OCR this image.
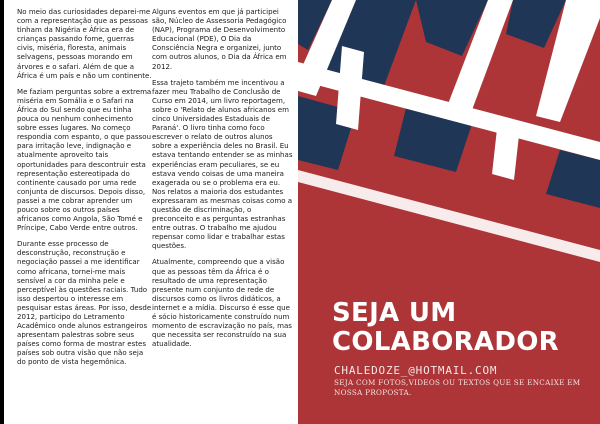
No meio das curiosidades deparei-me com a representação que as pessoas tinham da Nigéria e África era de crianças passando fome, guerras civis, miséria, floresta, animais selvagens, pessoas morando em árvores e o safari. Além de que a África é um país e não um continente.

Me faziam perguntas sobre a extrema miséria em Somália e o Safari na África do Sul sendo que eu tinha pouca ou nenhum conhecimento sobre esses lugares. No começo respondia com espanto, o que passou para irritação leve, indignação e atualmente aproveito tais oportunidades para descontruir esta representação estereotipada do continente causado por uma rede conjunta de discursos. Depois disso, passei a me cobrar aprender um pouco sobre os outros países africanos como Angola, São Tomé e Príncipe, Cabo Verde entre outros.

Durante esse processo de desconstrução, reconstrução e negociação passei a me identificar como africana, tornei-me mais sensível a cor da minha pele e perceptível às questões raciais. Tudo isso despertou o interesse em pesquisar estas áreas. Por isso, desde 2012, participo do Letramento Acadêmico onde alunos estrangeiros apresentam palestras sobre seus países como forma de mostrar estes países sob outra visão que não seja do ponto de vista hegemônica.

Alguns eventos em que já participei são, Núcleo de Assessoria Pedagógico (NAP), Programa de Desenvolvimento Educacional (PDE), O Dia da Consciência Negra e organizei, junto com outros alunos, o Dia da África em 2012.

Essa trajeto também me incentivou a fazer meu Trabalho de Conclusão de Curso em 2014, um livro reportagem, sobre o 'Relato de alunos africanos em cinco Universidades Estaduais de Paraná'. O livro tinha como foco escrever o relato de outros alunos sobre a experiência deles no Brasil. Eu estava tentando entender se as minhas experiências eram peculiares, se eu estava vendo coisas de uma maneira exagerada ou se o problema era eu. Nos relatos a maioria dos estudantes expressaram as mesmas coisas como a questão de discriminação, o preconceito e as perguntas estranhas entre outras. O trabalho me ajudou repensar como lidar e trabalhar estas questões.

Atualmente, compreendo que a visão que as pessoas têm da África é o resultado de uma representação presente num conjunto de rede de discursos como os livros didáticos, a internet e a mídia. Discurso é esse que é sócio historicamente construído num momento de escravização no país, mas que necessita ser reconstruído na sua atualidade.

SEJA UM
COLABORADOR
CHALEDOZE_@HOTMAIL.COM
SEJA COM FOTOS,VIDEOS OU TEXTOS QUE SE ENCAIXE EM NOSSA PROPOSTA.
